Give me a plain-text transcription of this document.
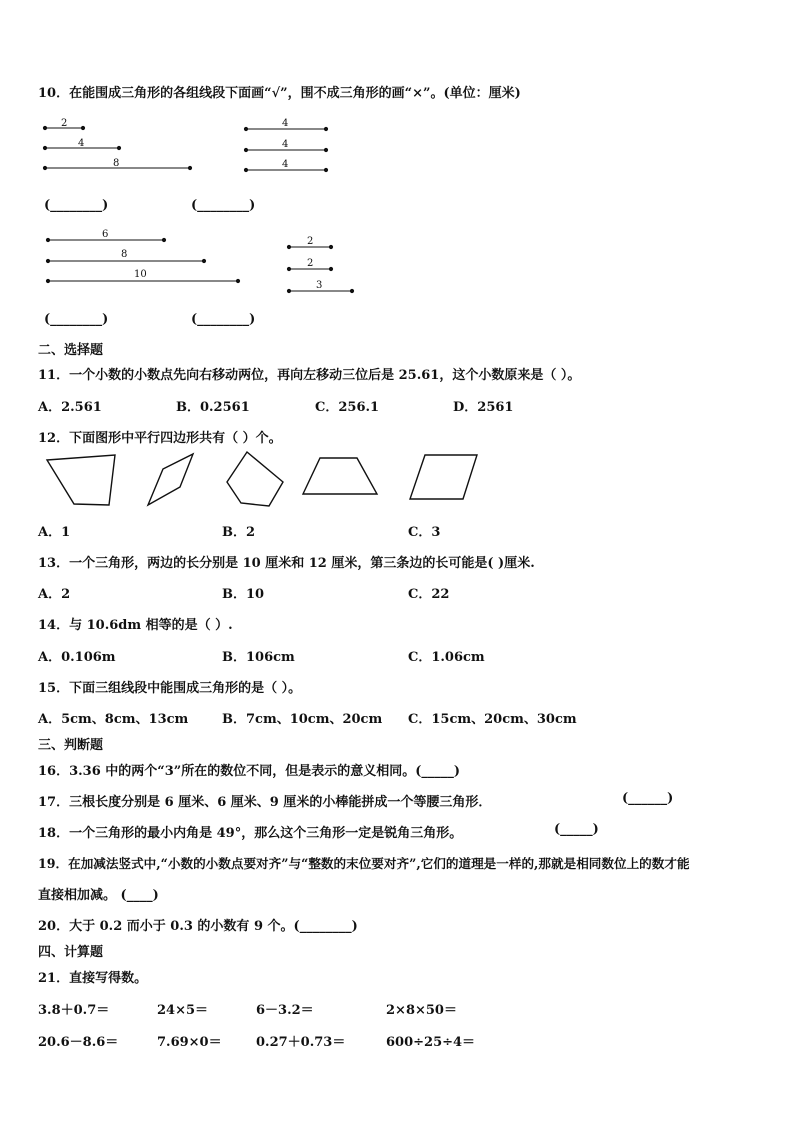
10．在能围成三角形的各组线段下面画“√”，围不成三角形的画“×”。(单位：厘米)
2
4
8
4
4
4
6
8
10
2
2
3
(________)	(________)
(________)	(________)
二、选择题
11．一个小数的小数点先向右移动两位，再向左移动三位后是 25.61，这个小数原来是（ ）。
A．2.561	B．0.2561	C．256.1	D．2561
12．下面图形中平行四边形共有（ ）个。
A．1	B．2	C．3
13．一个三角形，两边的长分别是 10 厘米和 12 厘米，第三条边的长可能是( )厘米.
A．2	B．10	C．22
14．与 10.6dm 相等的是（ ）.
A．0.106m	B．106cm	C．1.06cm
15．下面三组线段中能围成三角形的是（ ）。
A．5cm、8cm、13cm	B．7cm、10cm、20cm C．15cm、20cm、30cm
三、判断题
16．3.36 中的两个“3”所在的数位不同，但是表示的意义相同。(_____)
17．三根长度分别是 6 厘米、6 厘米、9 厘米的小棒能拼成一个等腰三角形．	(______)
18．一个三角形的最小内角是 49°，那么这个三角形一定是锐角三角形。	(_____)
19．在加减法竖式中,“小数的小数点要对齐”与“整数的末位要对齐”,它们的道理是一样的,那就是相同数位上的数才能
直接相加减。 (____)
20．大于 0.2 而小于 0.3 的小数有 9 个。(________)
四、计算题
21．直接写得数。
3.8＋0.7＝	24×5＝	6－3.2＝	2×8×50＝
20.6－8.6＝	7.69×0＝	0.27＋0.73＝	600÷25÷4＝
